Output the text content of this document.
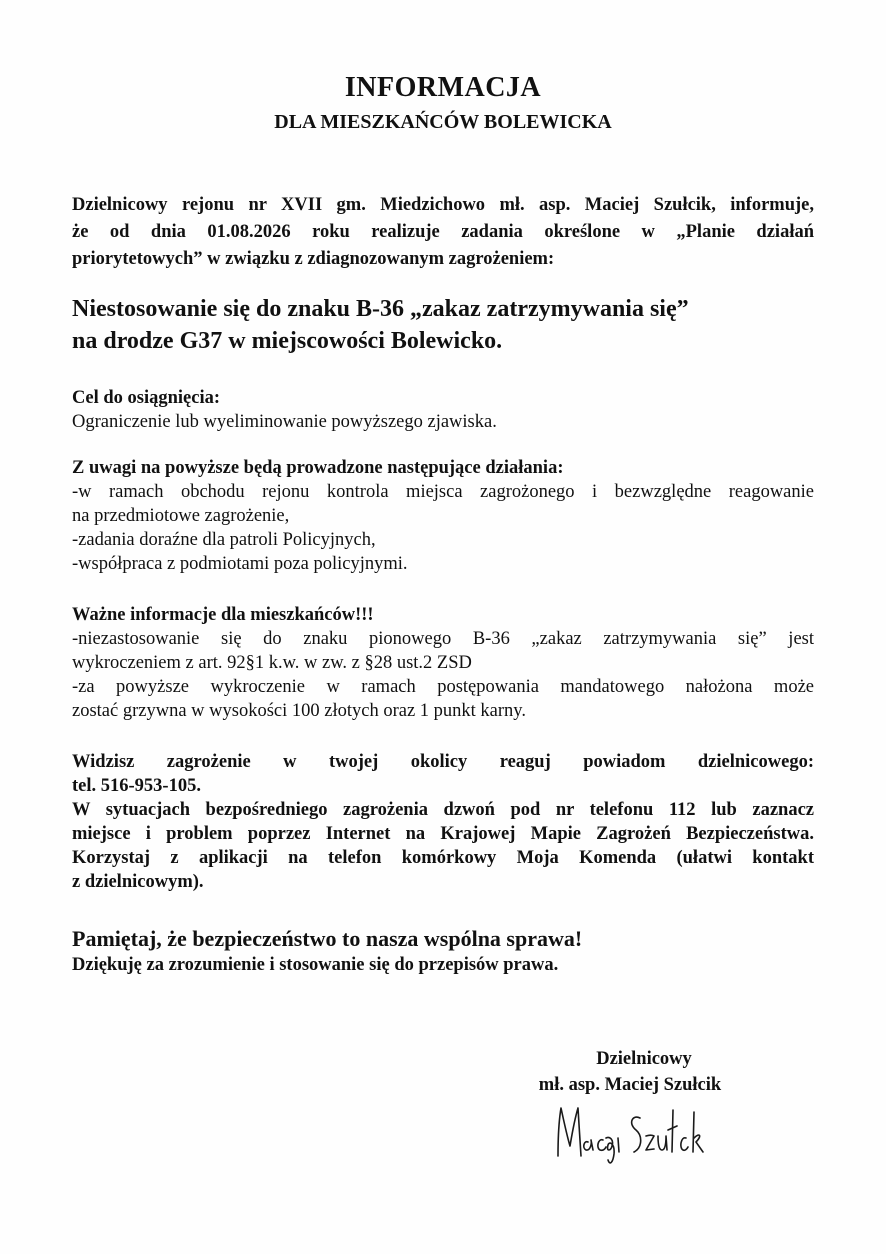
INFORMACJA
DLA MIESZKAŃCÓW BOLEWICKA
Dzielnicowy rejonu nr XVII gm. Miedzichowo mł. asp. Maciej Szułcik, informuje,
że od dnia 01.08.2026 roku realizuje zadania określone w „Planie działań
priorytetowych” w związku z zdiagnozowanym zagrożeniem:
Niestosowanie się do znaku B-36 „zakaz zatrzymywania się”
na drodze G37 w miejscowości Bolewicko.

Cel do osiągnięcia:

Ograniczenie lub wyeliminowanie powyższego zjawiska.

Z uwagi na powyższe będą prowadzone następujące działania:

-w ramach obchodu rejonu kontrola miejsca zagrożonego i bezwzględne reagowanie
na przedmiotowe zagrożenie,
-zadania doraźne dla patroli Policyjnych,
-współpraca z podmiotami poza policyjnymi.

Ważne informacje dla mieszkańców!!!

-niezastosowanie się do znaku pionowego B-36 „zakaz zatrzymywania się” jest
wykroczeniem z art. 92§1 k.w. w zw. z §28 ust.2 ZSD
-za powyższe wykroczenie w ramach postępowania mandatowego nałożona może
zostać grzywna w wysokości 100 złotych oraz 1 punkt karny.

Widzisz zagrożenie w twojej okolicy reaguj powiadom dzielnicowego:
tel. 516-953-105.
W sytuacjach bezpośredniego zagrożenia dzwoń pod nr telefonu 112 lub zaznacz
miejsce i problem poprzez Internet na Krajowej Mapie Zagrożeń Bezpieczeństwa.
Korzystaj z aplikacji na telefon komórkowy Moja Komenda (ułatwi kontakt
z dzielnicowym).

Pamiętaj, że bezpieczeństwo to nasza wspólna sprawa!

Dziękuję za zrozumienie i stosowanie się do przepisów prawa.

Dzielnicowy
mł. asp. Maciej Szułcik
